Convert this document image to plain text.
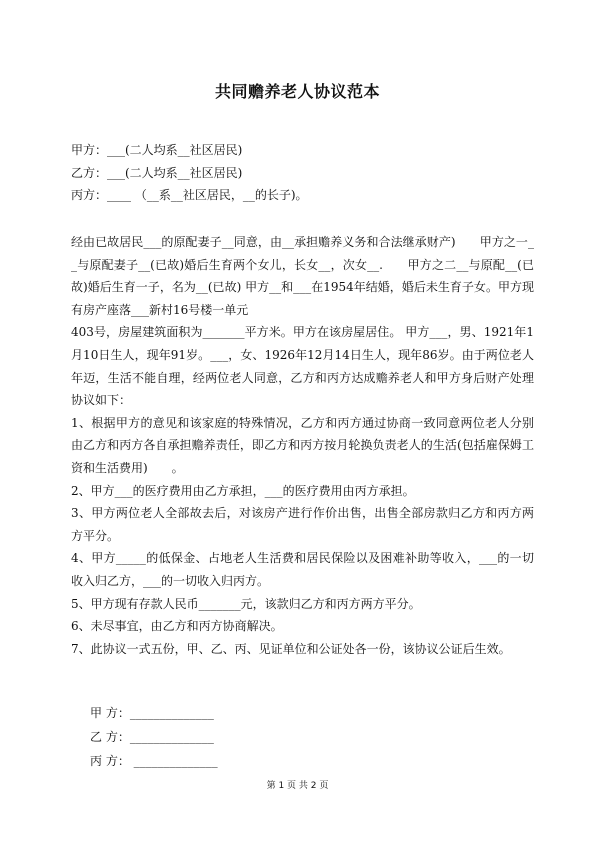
共同赡养老人协议范本
甲方：___(二人均系__社区居民)
乙方：___(二人均系__社区居民)
丙方：____ （__系__社区居民，__的长子)。

经由已故居民___的原配妻子__同意，由__承担赡养义务和合法继承财产)　　甲方之一__与原配妻子__(已故)婚后生育两个女儿，长女__，次女__.　　甲方之二__与原配__(已故)婚后生育一子，名为__(已故) 甲方__和___在1954年结婚，婚后未生育子女。甲方现有房产座落___新村16号楼一单元

403号，房屋建筑面积为_______平方米。甲方在该房屋居住。 甲方___，男、1921年1月10日生人，现年91岁。___，女、1926年12月14日生人，现年86岁。由于两位老人年迈，生活不能自理，经两位老人同意，乙方和丙方达成赡养老人和甲方身后财产处理协议如下：

1、根据甲方的意见和该家庭的特殊情况，乙方和丙方通过协商一致同意两位老人分别由乙方和丙方各自承担赡养责任，即乙方和丙方按月轮换负责老人的生活(包括雇保姆工资和生活费用)　　。

2、甲方___的医疗费用由乙方承担，___的医疗费用由丙方承担。

3、甲方两位老人全部故去后，对该房产进行作价出售，出售全部房款归乙方和丙方两方平分。

4、甲方_____的低保金、占地老人生活费和居民保险以及困难补助等收入，___的一切收入归乙方，___的一切收入归丙方。

5、甲方现有存款人民币_______元，该款归乙方和丙方两方平分。

6、未尽事宜，由乙方和丙方协商解决。

7、此协议一式五份，甲、乙、丙、见证单位和公证处各一份，该协议公证后生效。

甲 方：______________
乙 方：______________
丙 方： ______________
第 1 页 共 2 页
